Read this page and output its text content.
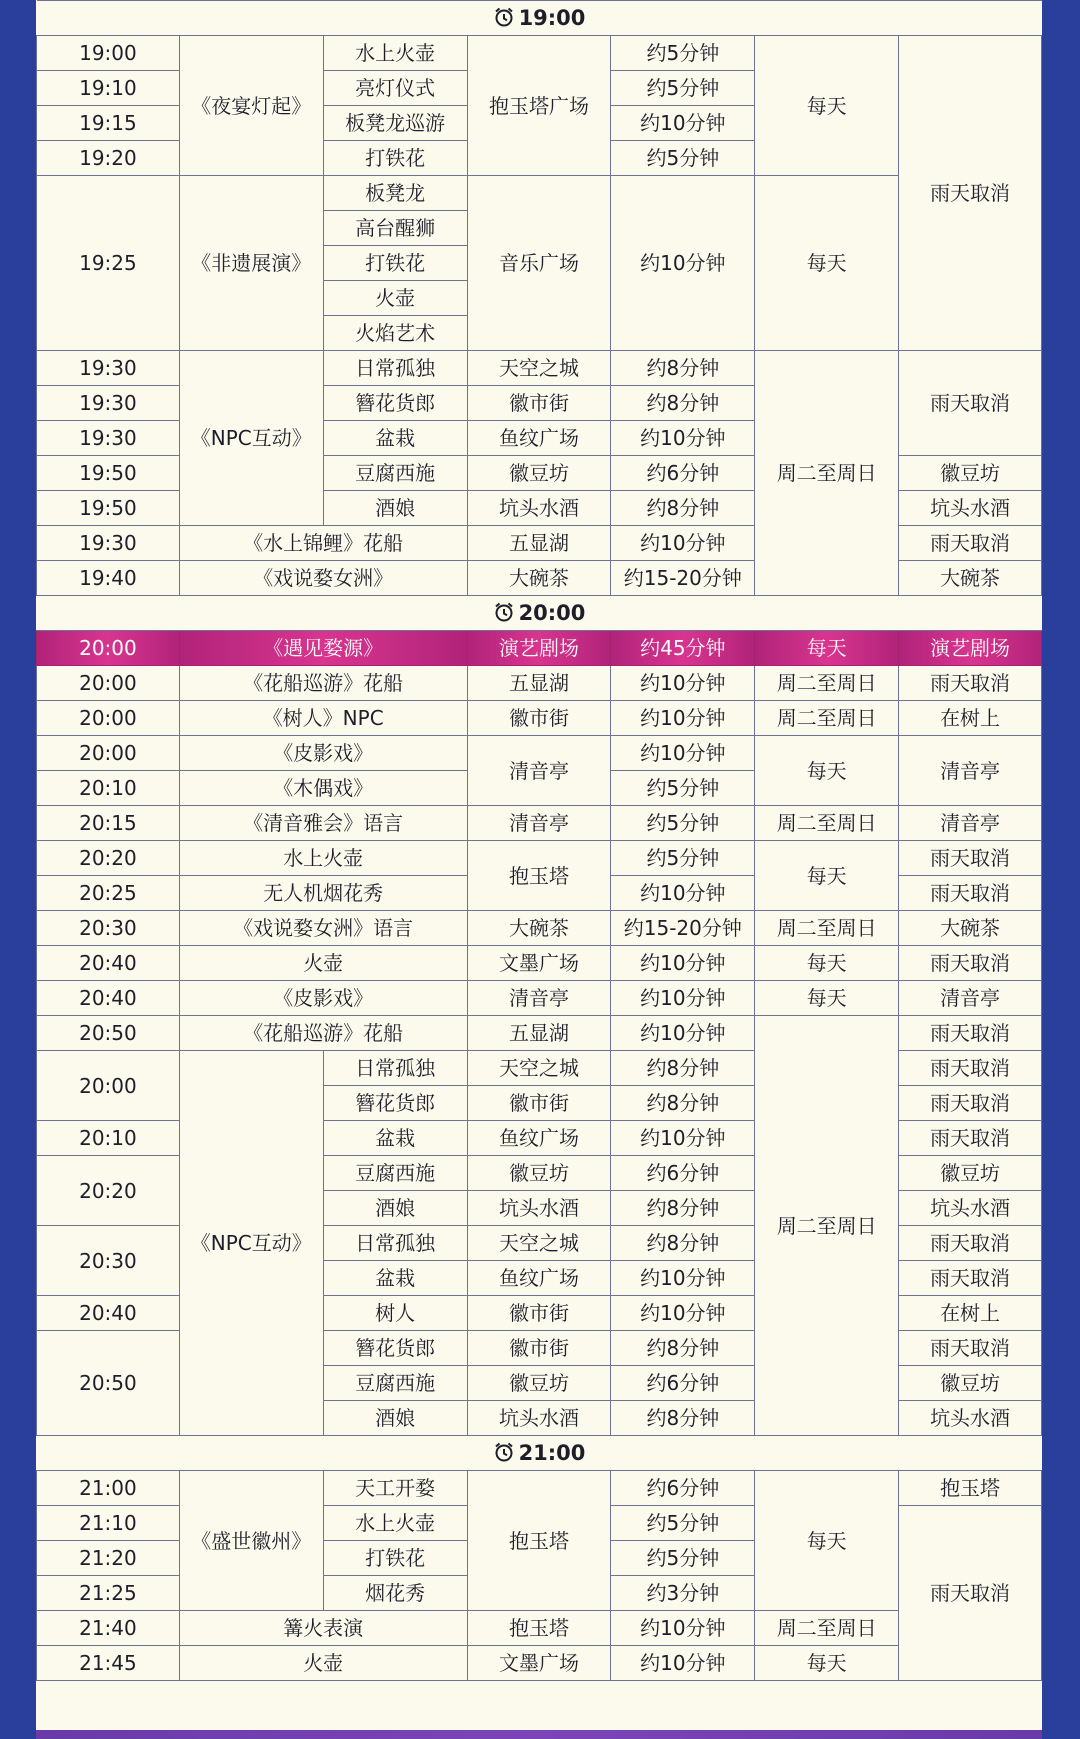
19:00						
19:00	《夜宴灯起》	水上火壶	抱玉塔广场	约5分钟	每天	雨天取消
19:10		亮灯仪式		约5分钟		
19:15		板凳龙巡游		约10分钟		
19:20		打铁花		约5分钟		
19:25	《非遗展演》	板凳龙	音乐广场	约10分钟	每天	
		高台醒狮				
		打铁花				
		火壶				
		火焰艺术				
19:30	《NPC互动》	日常孤独	天空之城	约8分钟	周二至周日	雨天取消
19:30		簪花货郎	徽市街	约8分钟		
19:30		盆栽	鱼纹广场	约10分钟		
19:50		豆腐西施	徽豆坊	约6分钟		徽豆坊
19:50		酒娘	坑头水酒	约8分钟		坑头水酒
19:30	《水上锦鲤》花船		五显湖	约10分钟		雨天取消
19:40	《戏说婺女洲》		大碗茶	约15-20分钟		大碗茶
20:00						
20:00	《遇见婺源》		演艺剧场	约45分钟	每天	演艺剧场
20:00	《花船巡游》花船		五显湖	约10分钟	周二至周日	雨天取消
20:00	《树人》NPC		徽市街	约10分钟	周二至周日	在树上
20:00	《皮影戏》		清音亭	约10分钟	每天	清音亭
20:10	《木偶戏》			约5分钟		
20:15	《清音雅会》语言		清音亭	约5分钟	周二至周日	清音亭
20:20	水上火壶		抱玉塔	约5分钟	每天	雨天取消
20:25	无人机烟花秀			约10分钟		雨天取消
20:30	《戏说婺女洲》语言		大碗茶	约15-20分钟	周二至周日	大碗茶
20:40	火壶		文墨广场	约10分钟	每天	雨天取消
20:40	《皮影戏》		清音亭	约10分钟	每天	清音亭
20:50	《花船巡游》花船		五显湖	约10分钟	周二至周日	雨天取消
20:00	《NPC互动》	日常孤独	天空之城	约8分钟		雨天取消
		簪花货郎	徽市街	约8分钟		雨天取消
20:10		盆栽	鱼纹广场	约10分钟		雨天取消
20:20		豆腐西施	徽豆坊	约6分钟		徽豆坊
		酒娘	坑头水酒	约8分钟		坑头水酒
20:30		日常孤独	天空之城	约8分钟		雨天取消
		盆栽	鱼纹广场	约10分钟		雨天取消
20:40		树人	徽市街	约10分钟		在树上
20:50		簪花货郎	徽市街	约8分钟		雨天取消
		豆腐西施	徽豆坊	约6分钟		徽豆坊
		酒娘	坑头水酒	约8分钟		坑头水酒
21:00						
21:00	《盛世徽州》	天工开婺	抱玉塔	约6分钟	每天	抱玉塔
21:10		水上火壶		约5分钟		雨天取消
21:20		打铁花		约5分钟		
21:25		烟花秀		约3分钟		
21:40	篝火表演		抱玉塔	约10分钟	周二至周日	
21:45	火壶		文墨广场	约10分钟	每天	
